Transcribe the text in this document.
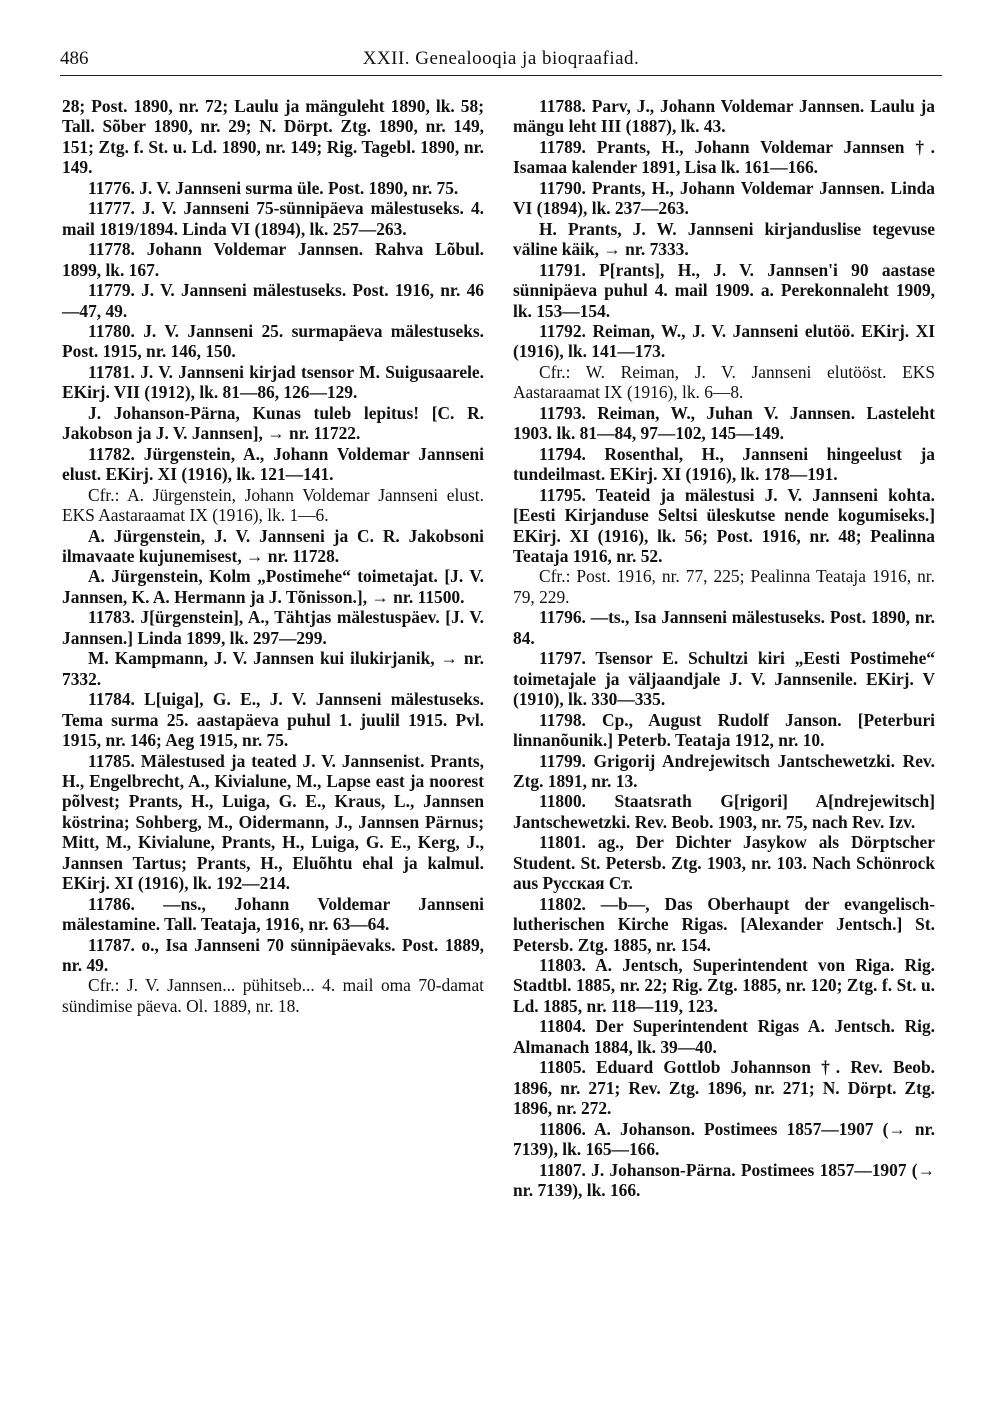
486	XXII. Genealooqia ja bioqraafiad.

28; Post. 1890, nr. 72; Laulu ja mänguleht 1890, lk. 58; Tall. Sõber 1890, nr. 29; N. Dörpt. Ztg. 1890, nr. 149, 151; Ztg. f. St. u. Ld. 1890, nr. 149; Rig. Tagebl. 1890, nr. 149.

11776. J. V. Jannseni surma üle. Post. 1890, nr. 75.

11777. J. V. Jannseni 75-sünnipäeva mälestuseks. 4. mail 1819/1894. Linda VI (1894), lk. 257—263.

11778. Johann Voldemar Jannsen. Rahva Lõbul. 1899, lk. 167.

11779. J. V. Jannseni mälestuseks. Post. 1916, nr. 46—47, 49.

11780. J. V. Jannseni 25. surmapäeva mälestuseks. Post. 1915, nr. 146, 150.

11781. J. V. Jannseni kirjad tsensor M. Suigusaarele. EKirj. VII (1912), lk. 81—86, 126—129.

J. Johanson-Pärna, Kunas tuleb lepitus! [C. R. Jakobson ja J. V. Jannsen], → nr. 11722.

11782. Jürgenstein, A., Johann Voldemar Jannseni elust. EKirj. XI (1916), lk. 121—141.

Cfr.: A. Jürgenstein, Johann Voldemar Jannseni elust. EKS Aastaraamat IX (1916), lk. 1—6.

A. Jürgenstein, J. V. Jannseni ja C. R. Jakobsoni ilmavaate kujunemisest, → nr. 11728.

A. Jürgenstein, Kolm „Postimehe“ toimetajat. [J. V. Jannsen, K. A. Hermann ja J. Tõnisson.], → nr. 11500.

11783. J[ürgenstein], A., Tähtjas mälestuspäev. [J. V. Jannsen.] Linda 1899, lk. 297—299.

M. Kampmann, J. V. Jannsen kui ilukirjanik, → nr. 7332.

11784. L[uiga], G. E., J. V. Jannseni mälestuseks. Tema surma 25. aastapäeva puhul 1. juulil 1915. Pvl. 1915, nr. 146; Aeg 1915, nr. 75.

11785. Mälestused ja teated J. V. Jannsenist. Prants, H., Engelbrecht, A., Kivialune, M., Lapse east ja noorest põlvest; Prants, H., Luiga, G. E., Kraus, L., Jannsen köstrina; Sohberg, M., Oidermann, J., Jannsen Pärnus; Mitt, M., Kivialune, Prants, H., Luiga, G. E., Kerg, J., Jannsen Tartus; Prants, H., Eluõhtu ehal ja kalmul. EKirj. XI (1916), lk. 192—214.

11786. —ns., Johann Voldemar Jannseni mälestamine. Tall. Teataja, 1916, nr. 63—64.

11787. o., Isa Jannseni 70 sünnipäevaks. Post. 1889, nr. 49.

Cfr.: J. V. Jannsen... pühitseb... 4. mail oma 70-damat sündimise päeva. Ol. 1889, nr. 18.

11788. Parv, J., Johann Voldemar Jannsen. Laulu ja mängu leht III (1887), lk. 43.

11789. Prants, H., Johann Voldemar Jannsen †. Isamaa kalender 1891, Lisa lk. 161—166.

11790. Prants, H., Johann Voldemar Jannsen. Linda VI (1894), lk. 237—263.

H. Prants, J. W. Jannseni kirjanduslise tegevuse väline käik, → nr. 7333.

11791. P[rants], H., J. V. Jannsen'i 90 aastase sünnipäeva puhul 4. mail 1909. a. Perekonnaleht 1909, lk. 153—154.

11792. Reiman, W., J. V. Jannseni elutöö. EKirj. XI (1916), lk. 141—173.

Cfr.: W. Reiman, J. V. Jannseni elutööst. EKS Aastaraamat IX (1916), lk. 6—8.

11793. Reiman, W., Juhan V. Jannsen. Lasteleht 1903. lk. 81—84, 97—102, 145—149.

11794. Rosenthal, H., Jannseni hingeelust ja tundeilmast. EKirj. XI (1916), lk. 178—191.

11795. Teateid ja mälestusi J. V. Jannseni kohta. [Eesti Kirjanduse Seltsi üleskutse nende kogumiseks.] EKirj. XI (1916), lk. 56; Post. 1916, nr. 48; Pealinna Teataja 1916, nr. 52.

Cfr.: Post. 1916, nr. 77, 225; Pealinna Teataja 1916, nr. 79, 229.

11796. —ts., Isa Jannseni mälestuseks. Post. 1890, nr. 84.

11797. Tsensor E. Schultzi kiri „Eesti Postimehe“ toimetajale ja väljaandjale J. V. Jannsenile. EKirj. V (1910), lk. 330—335.

11798. Cp., August Rudolf Janson. [Peterburi linnanõunik.] Peterb. Teataja 1912, nr. 10.

11799. Grigorij Andrejewitsch Jantschewetzki. Rev. Ztg. 1891, nr. 13.

11800. Staatsrath G[rigori] A[ndrejewitsch] Jantschewetzki. Rev. Beob. 1903, nr. 75, nach Rev. Izv.

11801. ag., Der Dichter Jasykow als Dörptscher Student. St. Petersb. Ztg. 1903, nr. 103. Nach Schönrock aus Русская Ст.

11802. —b—, Das Oberhaupt der evangelisch-lutherischen Kirche Rigas. [Alexander Jentsch.] St. Petersb. Ztg. 1885, nr. 154.

11803. A. Jentsch, Superintendent von Riga. Rig. Stadtbl. 1885, nr. 22; Rig. Ztg. 1885, nr. 120; Ztg. f. St. u. Ld. 1885, nr. 118—119, 123.

11804. Der Superintendent Rigas A. Jentsch. Rig. Almanach 1884, lk. 39—40.

11805. Eduard Gottlob Johannson †. Rev. Beob. 1896, nr. 271; Rev. Ztg. 1896, nr. 271; N. Dörpt. Ztg. 1896, nr. 272.

11806. A. Johanson. Postimees 1857—1907 (→ nr. 7139), lk. 165—166.

11807. J. Johanson-Pärna. Postimees 1857—1907 (→ nr. 7139), lk. 166.
